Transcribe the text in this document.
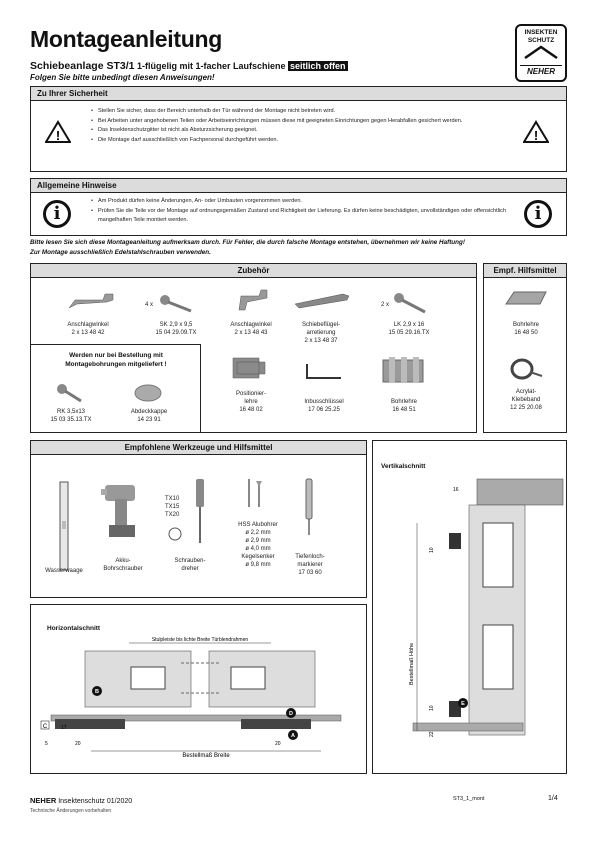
Montageanleitung
Schiebeanlage ST3/1 1-flügelig mit 1-facher Laufschiene seitlich offen
Folgen Sie bitte unbedingt diesen Anweisungen!
INSEKTEN
SCHUTZ
NEHER
Zu Ihrer Sicherheit
!
• Stellen Sie sicher, dass der Bereich unterhalb der Tür während der Montage nicht betreten wird.
• Bei Arbeiten unter angehobenen Teilen oder Arbeitseinrichtungen müssen diese mit geeigneten Einrichtungen gegen Herabfallen gesichert werden.
• Das Insektenschutzgitter ist nicht als Absturzsicherung geeignet.
• Die Montage darf ausschließlich von Fachpersonal durchgeführt werden.	!
Allgemeine Hinweise
i
• Am Produkt dürfen keine Änderungen, An- oder Umbauten vorgenommen werden.
• Prüfen Sie die Teile vor der Montage auf ordnungsgemäßen Zustand und Richtigkeit der Lieferung. Es dürfen keine beschädigten, unvollständigen oder offensichtlich mangelhaften Teile montiert werden.	i
Bitte lesen Sie sich diese Montageanleitung aufmerksam durch. Für Fehler, die durch falsche Montage entstehen, übernehmen wir keine Haftung!
Zur Montage ausschließlich Edelstahlschrauben verwenden.
Zubehör
Anschlagwinkel
2 x 13 48 42
4 x
SK 2,9 x 9,5
15 04 29.09.TX
Anschlagwinkel
2 x 13 48 43
Schiebeflügel-
arretierung
2 x 13 48 37
2 x
LK 2,9 x 16
15 05 29.16.TX
Werden nur bei Bestellung mit Montagebohrungen mitgeliefert !
RK 3,5x13
15 03 35.13.TX
Abdeckkappe
14 23 91
Positionier-
lehre
16 48 02
Inbusschlüssel
17 06 25.25
Bohrlehre
16 48 51
Empf. Hilfsmittel
Bohrlehre
16 48 50
Acrylat-
Klebeband
12 25 20.08
Empfohlene Werkzeuge und Hilfsmittel
Wasserwaage
Akku-
Bohrschrauber
TX10
TX15
TX20
Schrauben-
dreher
HSS Alubohrer
ø 2,2 mm
ø 2,9 mm
ø 4,0 mm
Kegelsenker
ø 9,8 mm
Tiefenloch-
markierer
17 03 60
Horizontalschnitt
Stulpleiste bis lichte Breite Türblendrahmen
Bestellmaß Breite
B
D
A
C	17
5	20	20
Vertikalschnitt
Bestellmaß Höhe
16
10
10
22
E
NEHER Insektenschutz 01/2020
Technische Änderungen vorbehalten
ST3_1_mont	1/4
